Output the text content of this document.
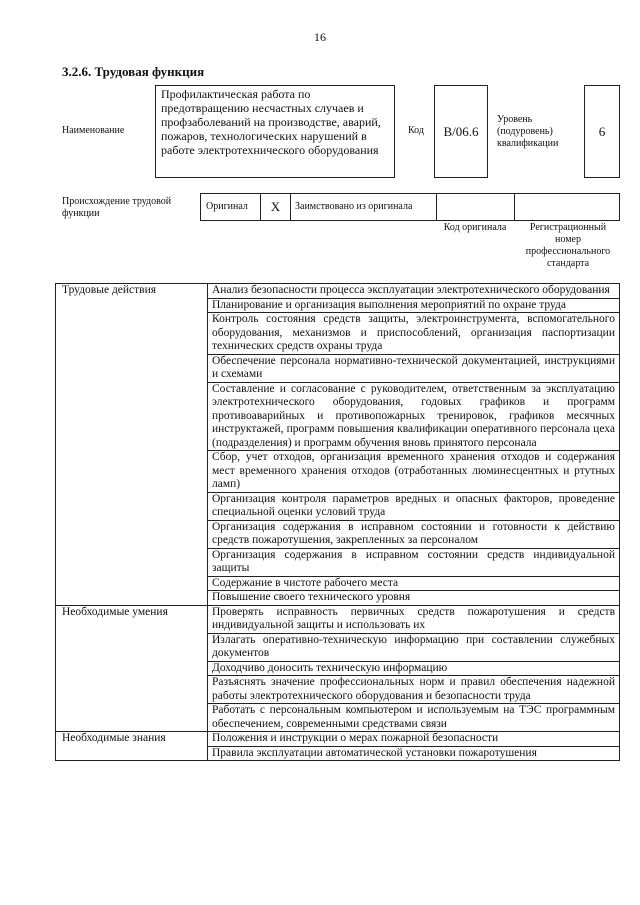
16
3.2.6. Трудовая функция
Наименование
Профилактическая работа по предотвращению несчастных случаев и профзаболеваний на производстве, аварий, пожаров, технологических нарушений в работе электротехнического оборудования
Код	В/06.6
Уровень (подуровень) квалификации
6
Происхождение трудовой функции
Оригинал	X	Заимствовано из оригинала
Код оригинала	Регистрационный номер профессионального стандарта
Трудовые действия	Анализ безопасности процесса эксплуатации электротехнического оборудования
	Планирование и организация выполнения мероприятий по охране труда
	Контроль состояния средств защиты, электроинструмента, вспомогательного оборудования, механизмов и приспособлений, организация паспортизации технических средств охраны труда
	Обеспечение персонала нормативно-технической документацией, инструкциями и схемами
	Составление и согласование с руководителем, ответственным за эксплуатацию электротехнического оборудования, годовых графиков и программ противоаварийных и противопожарных тренировок, графиков месячных инструктажей, программ повышения квалификации оперативного персонала цеха (подразделения) и программ обучения вновь принятого персонала
	Сбор, учет отходов, организация временного хранения отходов и содержания мест временного хранения отходов (отработанных люминесцентных и ртутных ламп)
	Организация контроля параметров вредных и опасных факторов, проведение специальной оценки условий труда
	Организация содержания в исправном состоянии и готовности к действию средств пожаротушения, закрепленных за персоналом
	Организация содержания в исправном состоянии средств индивидуальной защиты
	Содержание в чистоте рабочего места
	Повышение своего технического уровня
Необходимые умения	Проверять исправность первичных средств пожаротушения и средств индивидуальной защиты и использовать их
	Излагать оперативно-техническую информацию при составлении служебных документов
	Доходчиво доносить техническую информацию
	Разъяснять значение профессиональных норм и правил обеспечения надежной работы электротехнического оборудования и безопасности труда
	Работать с персональным компьютером и используемым на ТЭС программным обеспечением, современными средствами связи
Необходимые знания	Положения и инструкции о мерах пожарной безопасности
	Правила эксплуатации автоматической установки пожаротушения
